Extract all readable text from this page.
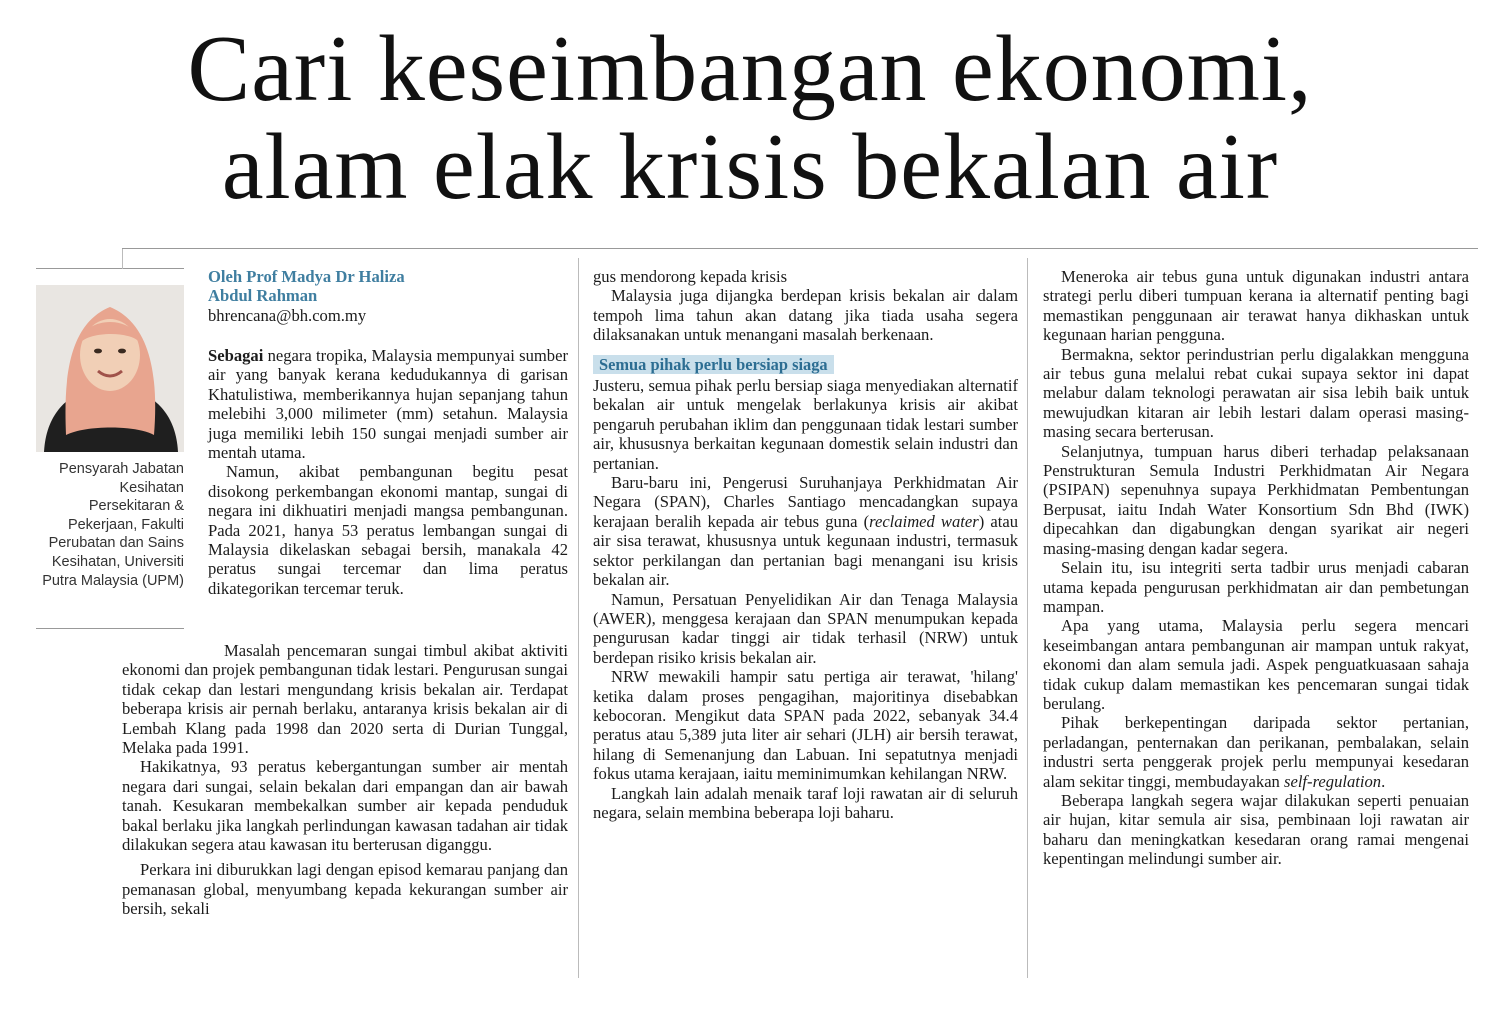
Cari keseimbangan ekonomi,
alam elak krisis bekalan air
Pensyarah Jabatan Kesihatan Persekitaran & Pekerjaan, Fakulti Perubatan dan Sains Kesihatan, Universiti Putra Malaysia (UPM)
Oleh Prof Madya Dr Haliza
Abdul Rahman
bhrencana@bh.com.my

Sebagai negara tropika, Malaysia mempunyai sumber air yang banyak kerana kedudukannya di garisan Khatulistiwa, memberikannya hujan sepanjang tahun melebihi 3,000 milimeter (mm) setahun. Malaysia juga memiliki lebih 150 sungai menjadi sumber air mentah utama.

Namun, akibat pembangunan begitu pesat disokong perkembangan ekonomi mantap, sungai di negara ini dikhuatiri menjadi mangsa pembangunan. Pada 2021, hanya 53 peratus lembangan sungai di Malaysia dikelaskan sebagai bersih, manakala 42 peratus sungai tercemar dan lima peratus dikategorikan tercemar teruk.

Masalah pencemaran sungai timbul akibat aktiviti ekonomi dan projek pembangunan tidak lestari. Pengurusan sungai tidak cekap dan lestari mengundang krisis bekalan air. Terdapat beberapa krisis air pernah berlaku, antaranya krisis bekalan air di Lembah Klang pada 1998 dan 2020 serta di Durian Tunggal, Melaka pada 1991.

Hakikatnya, 93 peratus kebergantungan sumber air mentah negara dari sungai, selain bekalan dari empangan dan air bawah tanah. Kesukaran membekalkan sumber air kepada penduduk bakal berlaku jika langkah perlindungan kawasan tadahan air tidak dilakukan segera atau kawasan itu berterusan diganggu.

Perkara ini diburukkan lagi dengan episod kemarau panjang dan pemanasan global, menyumbang kepada kekurangan sumber air bersih, sekali

gus mendorong kepada krisis

Malaysia juga dijangka berdepan krisis bekalan air dalam tempoh lima tahun akan datang jika tiada usaha segera dilaksanakan untuk menangani masalah berkenaan.

Semua pihak perlu bersiap siaga

Justeru, semua pihak perlu bersiap siaga menyediakan alternatif bekalan air untuk mengelak berlakunya krisis air akibat pengaruh perubahan iklim dan penggunaan tidak lestari sumber air, khususnya berkaitan kegunaan domestik selain industri dan pertanian.

Baru-baru ini, Pengerusi Suruhanjaya Perkhidmatan Air Negara (SPAN), Charles Santiago mencadangkan supaya kerajaan beralih kepada air tebus guna (reclaimed water) atau air sisa terawat, khususnya untuk kegunaan industri, termasuk sektor perkilangan dan pertanian bagi menangani isu krisis bekalan air.

Namun, Persatuan Penyelidikan Air dan Tenaga Malaysia (AWER), menggesa kerajaan dan SPAN menumpukan kepada pengurusan kadar tinggi air tidak terhasil (NRW) untuk berdepan risiko krisis bekalan air.

NRW mewakili hampir satu pertiga air terawat, 'hilang' ketika dalam proses pengagihan, majoritinya disebabkan kebocoran. Mengikut data SPAN pada 2022, sebanyak 34.4 peratus atau 5,389 juta liter air sehari (JLH) air bersih terawat, hilang di Semenanjung dan Labuan. Ini sepatutnya menjadi fokus utama kerajaan, iaitu meminimumkan kehilangan NRW.

Langkah lain adalah menaik taraf loji rawatan air di seluruh negara, selain membina beberapa loji baharu.

Meneroka air tebus guna untuk digunakan industri antara strategi perlu diberi tumpuan kerana ia alternatif penting bagi memastikan penggunaan air terawat hanya dikhaskan untuk kegunaan harian pengguna.

Bermakna, sektor perindustrian perlu digalakkan mengguna air tebus guna melalui rebat cukai supaya sektor ini dapat melabur dalam teknologi perawatan air sisa lebih baik untuk mewujudkan kitaran air lebih lestari dalam operasi masing-masing secara berterusan.

Selanjutnya, tumpuan harus diberi terhadap pelaksanaan Penstrukturan Semula Industri Perkhidmatan Air Negara (PSIPAN) sepenuhnya supaya Perkhidmatan Pembentungan Berpusat, iaitu Indah Water Konsortium Sdn Bhd (IWK) dipecahkan dan digabungkan dengan syarikat air negeri masing-masing dengan kadar segera.

Selain itu, isu integriti serta tadbir urus menjadi cabaran utama kepada pengurusan perkhidmatan air dan pembetungan mampan.

Apa yang utama, Malaysia perlu segera mencari keseimbangan antara pembangunan air mampan untuk rakyat, ekonomi dan alam semula jadi. Aspek penguatkuasaan sahaja tidak cukup dalam memastikan kes pencemaran sungai tidak berulang.

Pihak berkepentingan daripada sektor pertanian, perladangan, penternakan dan perikanan, pembalakan, selain industri serta penggerak projek perlu mempunyai kesedaran alam sekitar tinggi, membudayakan self-regulation.

Beberapa langkah segera wajar dilakukan seperti penuaian air hujan, kitar semula air sisa, pembinaan loji rawatan air baharu dan meningkatkan kesedaran orang ramai mengenai kepentingan melindungi sumber air.
